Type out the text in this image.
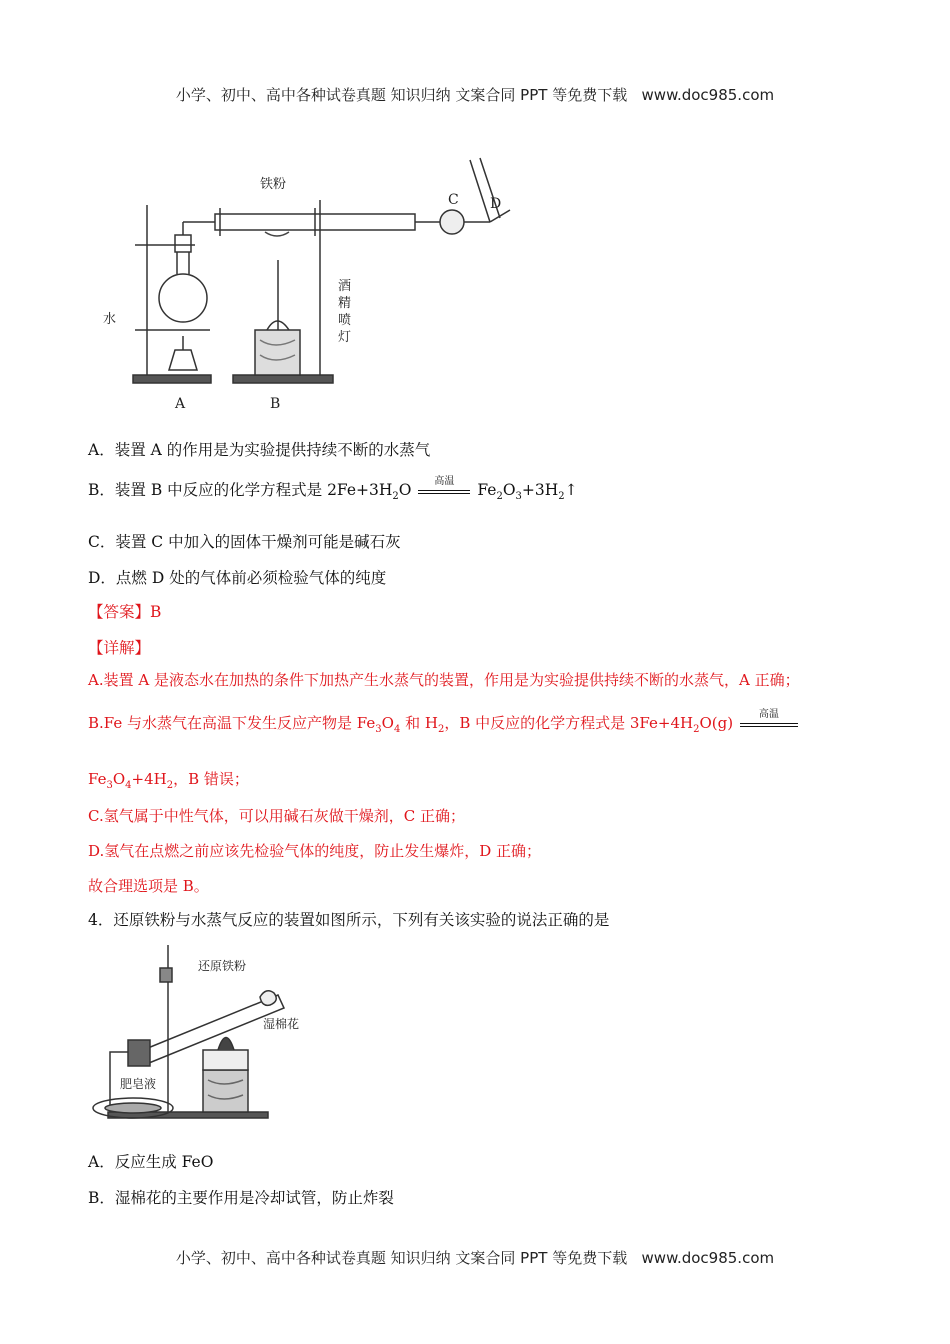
小学、初中、高中各种试卷真题 知识归纳 文案合同 PPT 等免费下载 www.doc985.com
铁粉
C D
水
酒
精
喷
灯
A	B
A．装置 A 的作用是为实验提供持续不断的水蒸气
B．装置 B 中反应的化学方程式是 $2Fe+3H_2O$	高温	$Fe_2O_3+3H_2↑$
C．装置 C 中加入的固体干燥剂可能是碱石灰
D．点燃 D 处的气体前必须检验气体的纯度
【答案】B
【详解】
A.装置 A 是液态水在加热的条件下加热产生水蒸气的装置，作用是为实验提供持续不断的水蒸气，A 正确；
B.Fe 与水蒸气在高温下发生反应产物是 $Fe_3O_4$ 和 $H_2$，B 中反应的化学方程式是 $3Fe+4H_2O(g)$	高温
$Fe_3O_4+4H_2$，B 错误；
C.氢气属于中性气体，可以用碱石灰做干燥剂，C 正确；
D.氢气在点燃之前应该先检验气体的纯度，防止发生爆炸，D 正确；
故合理选项是 B。
4．还原铁粉与水蒸气反应的装置如图所示，下列有关该实验的说法正确的是
还原铁粉
湿棉花
肥皂液
A．反应生成 FeO
B．湿棉花的主要作用是冷却试管，防止炸裂
小学、初中、高中各种试卷真题 知识归纳 文案合同 PPT 等免费下载 www.doc985.com
